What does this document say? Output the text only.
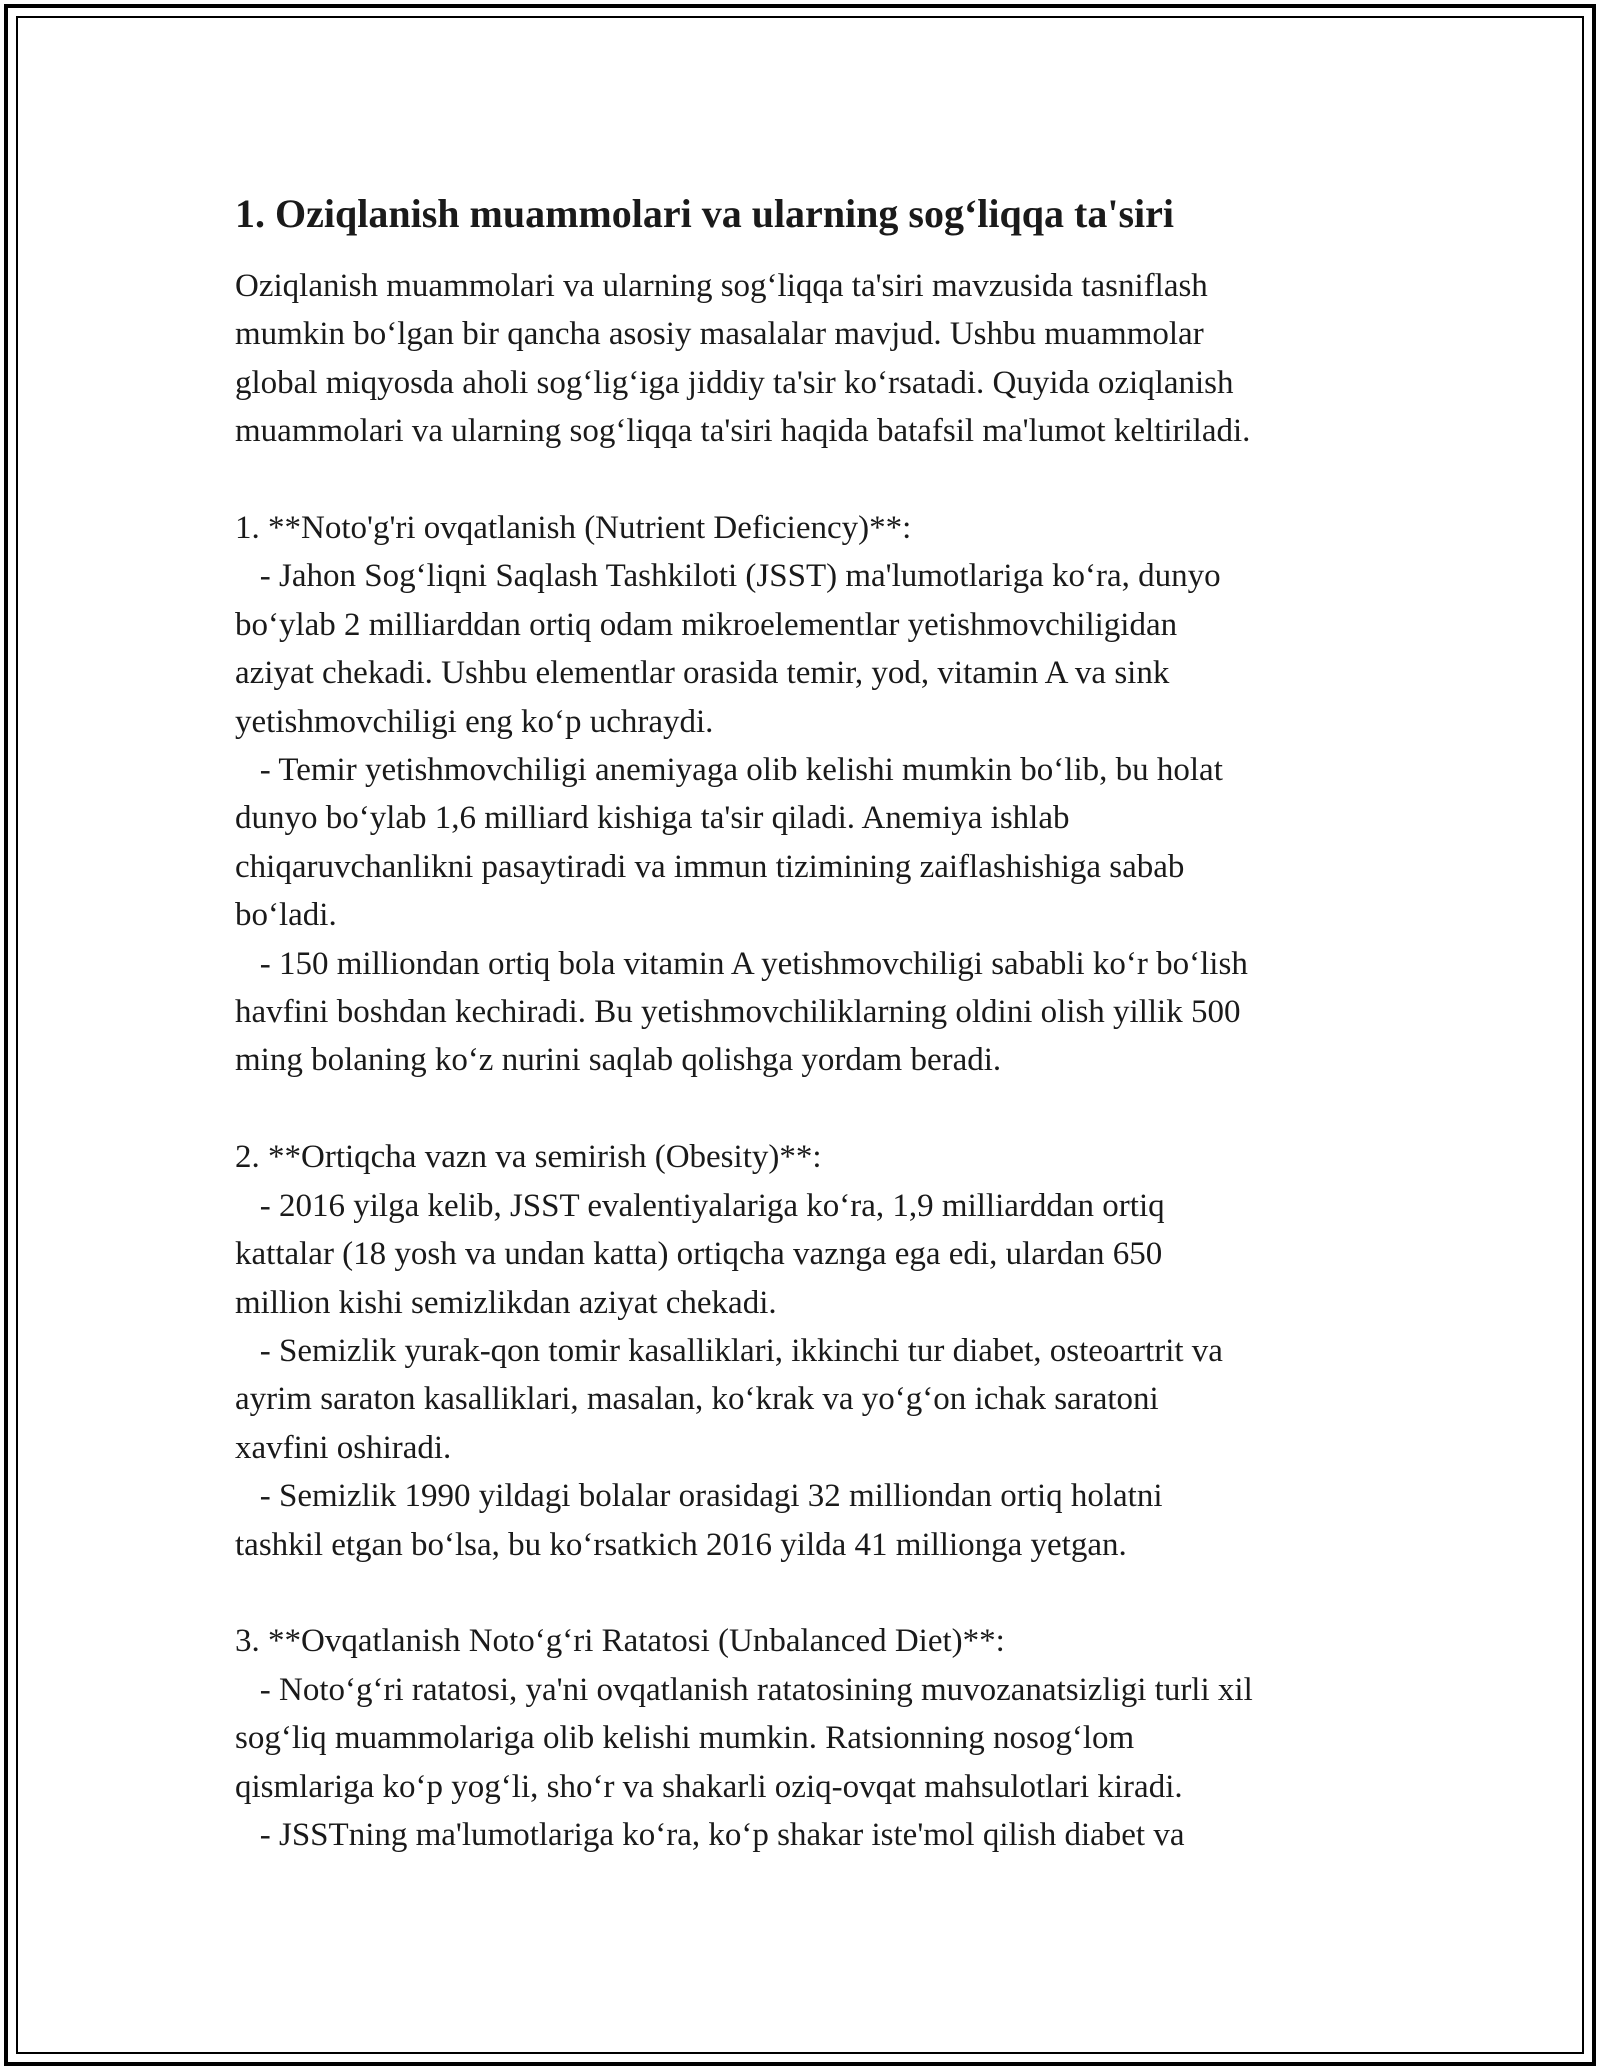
1. Oziqlanish muammolari va ularning sog‘liqqa ta'siri
Oziqlanish muammolari va ularning sog‘liqqa ta'siri mavzusida tasniflash
mumkin bo‘lgan bir qancha asosiy masalalar mavjud. Ushbu muammolar
global miqyosda aholi sog‘lig‘iga jiddiy ta'sir ko‘rsatadi. Quyida oziqlanish
muammolari va ularning sog‘liqqa ta'siri haqida batafsil ma'lumot keltiriladi.
1. **Noto'g'ri ovqatlanish (Nutrient Deficiency)**:
- Jahon Sog‘liqni Saqlash Tashkiloti (JSST) ma'lumotlariga ko‘ra, dunyo
bo‘ylab 2 milliarddan ortiq odam mikroelementlar yetishmovchiligidan
aziyat chekadi. Ushbu elementlar orasida temir, yod, vitamin A va sink
yetishmovchiligi eng ko‘p uchraydi.
- Temir yetishmovchiligi anemiyaga olib kelishi mumkin bo‘lib, bu holat
dunyo bo‘ylab 1,6 milliard kishiga ta'sir qiladi. Anemiya ishlab
chiqaruvchanlikni pasaytiradi va immun tizimining zaiflashishiga sabab
bo‘ladi.
- 150 milliondan ortiq bola vitamin A yetishmovchiligi sababli ko‘r bo‘lish
havfini boshdan kechiradi. Bu yetishmovchiliklarning oldini olish yillik 500
ming bolaning ko‘z nurini saqlab qolishga yordam beradi.
2. **Ortiqcha vazn va semirish (Obesity)**:
- 2016 yilga kelib, JSST evalentiyalariga ko‘ra, 1,9 milliarddan ortiq
kattalar (18 yosh va undan katta) ortiqcha vaznga ega edi, ulardan 650
million kishi semizlikdan aziyat chekadi.
- Semizlik yurak-qon tomir kasalliklari, ikkinchi tur diabet, osteoartrit va
ayrim saraton kasalliklari, masalan, ko‘krak va yo‘g‘on ichak saratoni
xavfini oshiradi.
- Semizlik 1990 yildagi bolalar orasidagi 32 milliondan ortiq holatni
tashkil etgan bo‘lsa, bu ko‘rsatkich 2016 yilda 41 millionga yetgan.
3. **Ovqatlanish Noto‘g‘ri Ratatosi (Unbalanced Diet)**:
- Noto‘g‘ri ratatosi, ya'ni ovqatlanish ratatosining muvozanatsizligi turli xil
sog‘liq muammolariga olib kelishi mumkin. Ratsionning nosog‘lom
qismlariga ko‘p yog‘li, sho‘r va shakarli oziq-ovqat mahsulotlari kiradi.
- JSSTning ma'lumotlariga ko‘ra, ko‘p shakar iste'mol qilish diabet va
